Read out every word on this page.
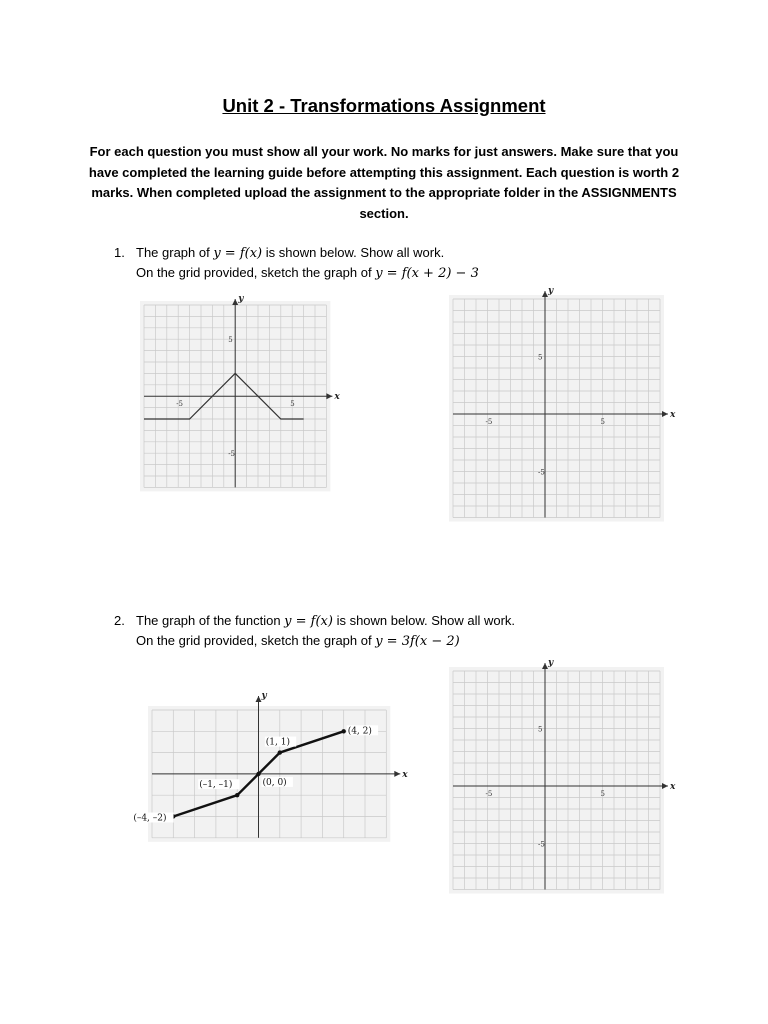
Unit 2 - Transformations Assignment
For each question you must show all your work. No marks for just answers. Make sure that you have completed the learning guide before attempting this assignment. Each question is worth 2 marks. When completed upload the assignment to the appropriate folder in the ASSIGNMENTS section.
1. The graph of y = f(x) is shown below. Show all work.
On the grid provided, sketch the graph of y = f(x + 2) − 3
2. The graph of the function y = f(x) is shown below. Show all work.
On the grid provided, sketch the graph of y = 3f(x − 2)
x
y
-5	5
5
-5
x
y
-5	5
5
-5
x
y
(4, 2)
(1, 1)
(–1, –1)	(0, 0)
(–4, –2)
x
y
-5	5
5
-5
